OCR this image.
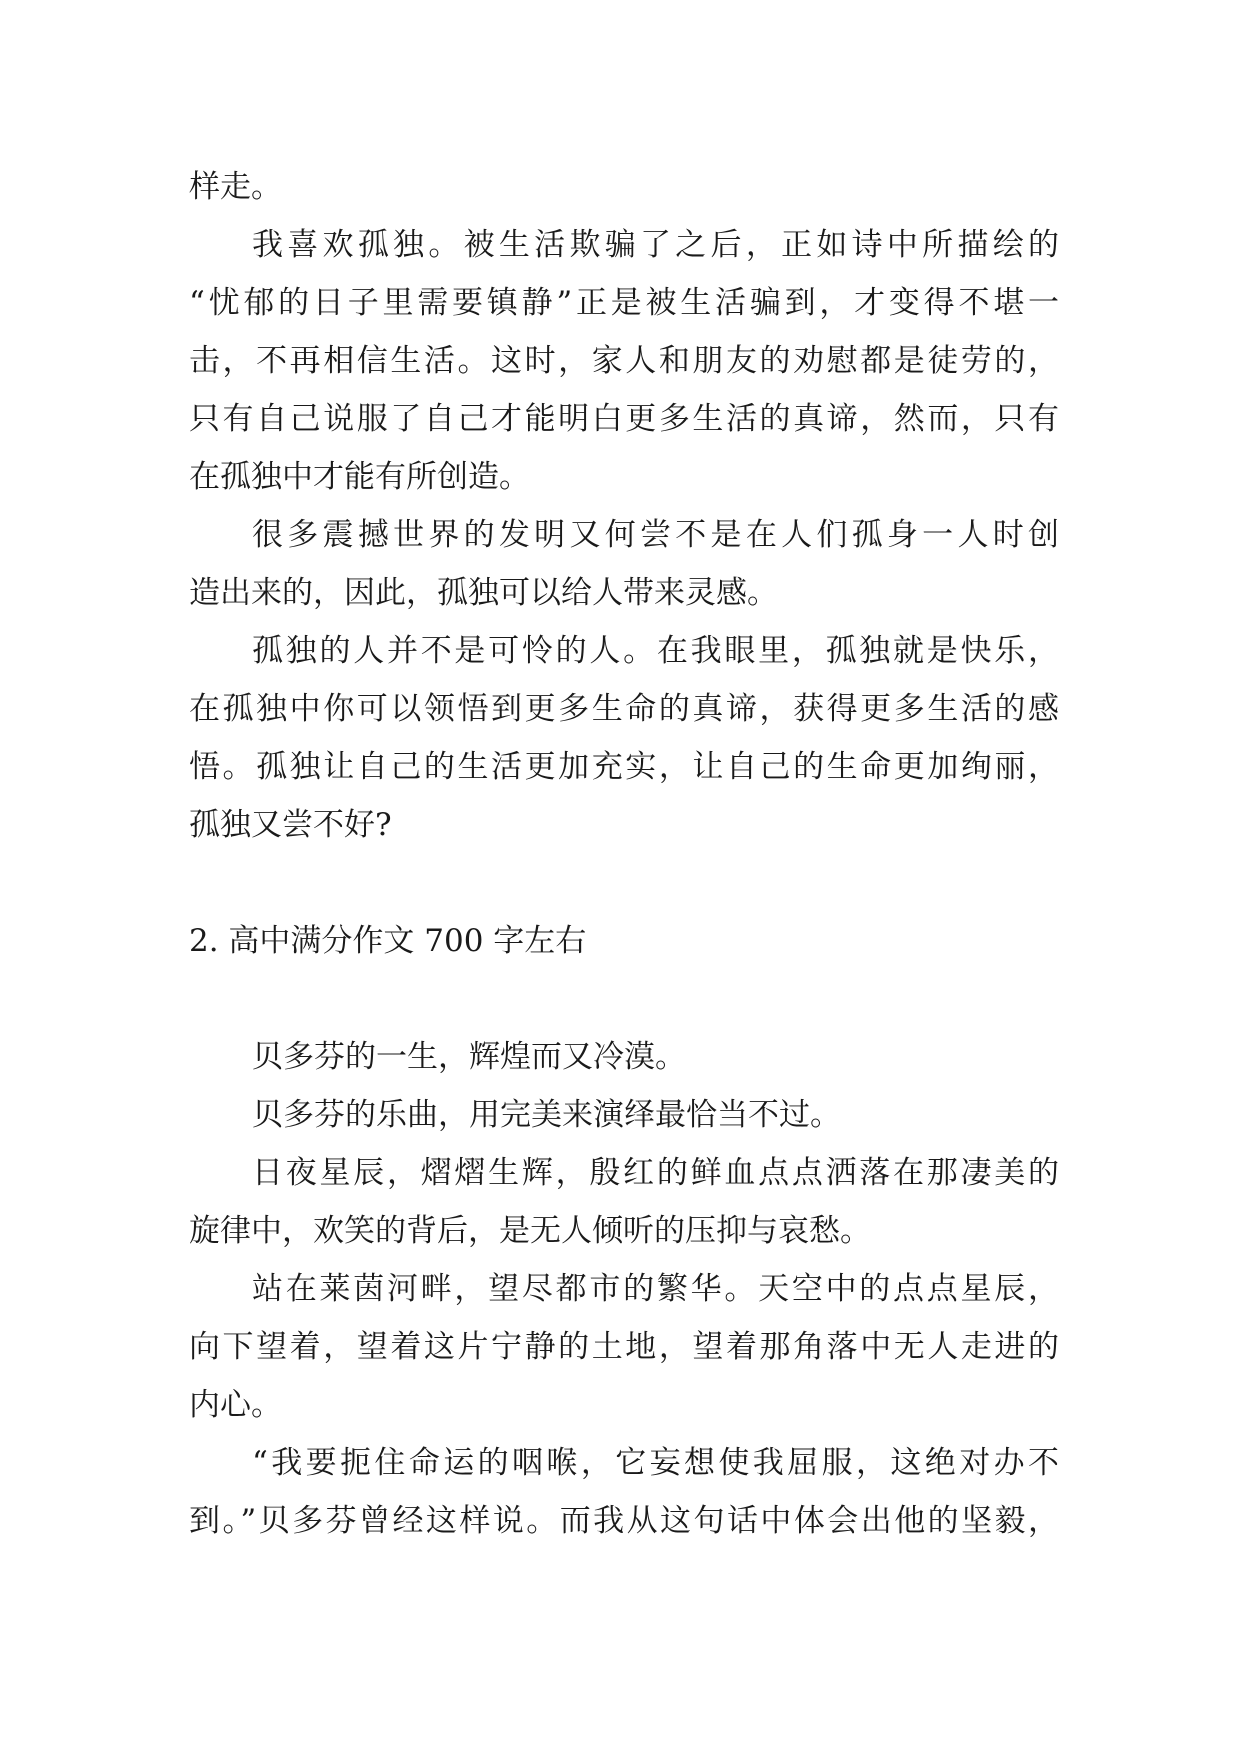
样走。
我喜欢孤独。被生活欺骗了之后，正如诗中所描绘的
“忧郁的日子里需要镇静”正是被生活骗到，才变得不堪一
击，不再相信生活。这时，家人和朋友的劝慰都是徒劳的，
只有自己说服了自己才能明白更多生活的真谛，然而，只有
在孤独中才能有所创造。
很多震撼世界的发明又何尝不是在人们孤身一人时创
造出来的，因此，孤独可以给人带来灵感。
孤独的人并不是可怜的人。在我眼里，孤独就是快乐，
在孤独中你可以领悟到更多生命的真谛，获得更多生活的感
悟。孤独让自己的生活更加充实，让自己的生命更加绚丽，
孤独又尝不好?
2. 高中满分作文 700 字左右
贝多芬的一生，辉煌而又冷漠。
贝多芬的乐曲，用完美来演绎最恰当不过。
日夜星辰，熠熠生辉，殷红的鲜血点点洒落在那凄美的
旋律中，欢笑的背后，是无人倾听的压抑与哀愁。
站在莱茵河畔，望尽都市的繁华。天空中的点点星辰，
向下望着，望着这片宁静的土地，望着那角落中无人走进的
内心。
“我要扼住命运的咽喉，它妄想使我屈服，这绝对办不
到。”贝多芬曾经这样说。而我从这句话中体会出他的坚毅，
